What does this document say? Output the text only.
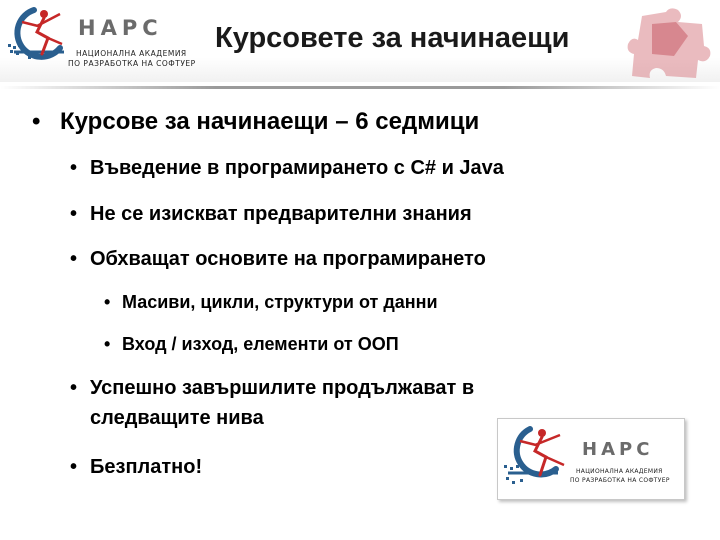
НАРС
НАЦИОНАЛНА АКАДЕМИЯ
ПО РАЗРАБОТКА НА СОФТУЕР
Курсовете за начинаещи
• Курсове за начинаещи – 6 седмици
• Въведение в програмирането с C# и Java
• Не се изискват предварителни знания
• Обхващат основите на програмирането
• Масиви, цикли, структури от данни
• Вход / изход, елементи от ООП
• Успешно завършилите продължават в
следващите нива
• Безплатно!
НАРС
НАЦИОНАЛНА АКАДЕМИЯ
ПО РАЗРАБОТКА НА СОФТУЕР
